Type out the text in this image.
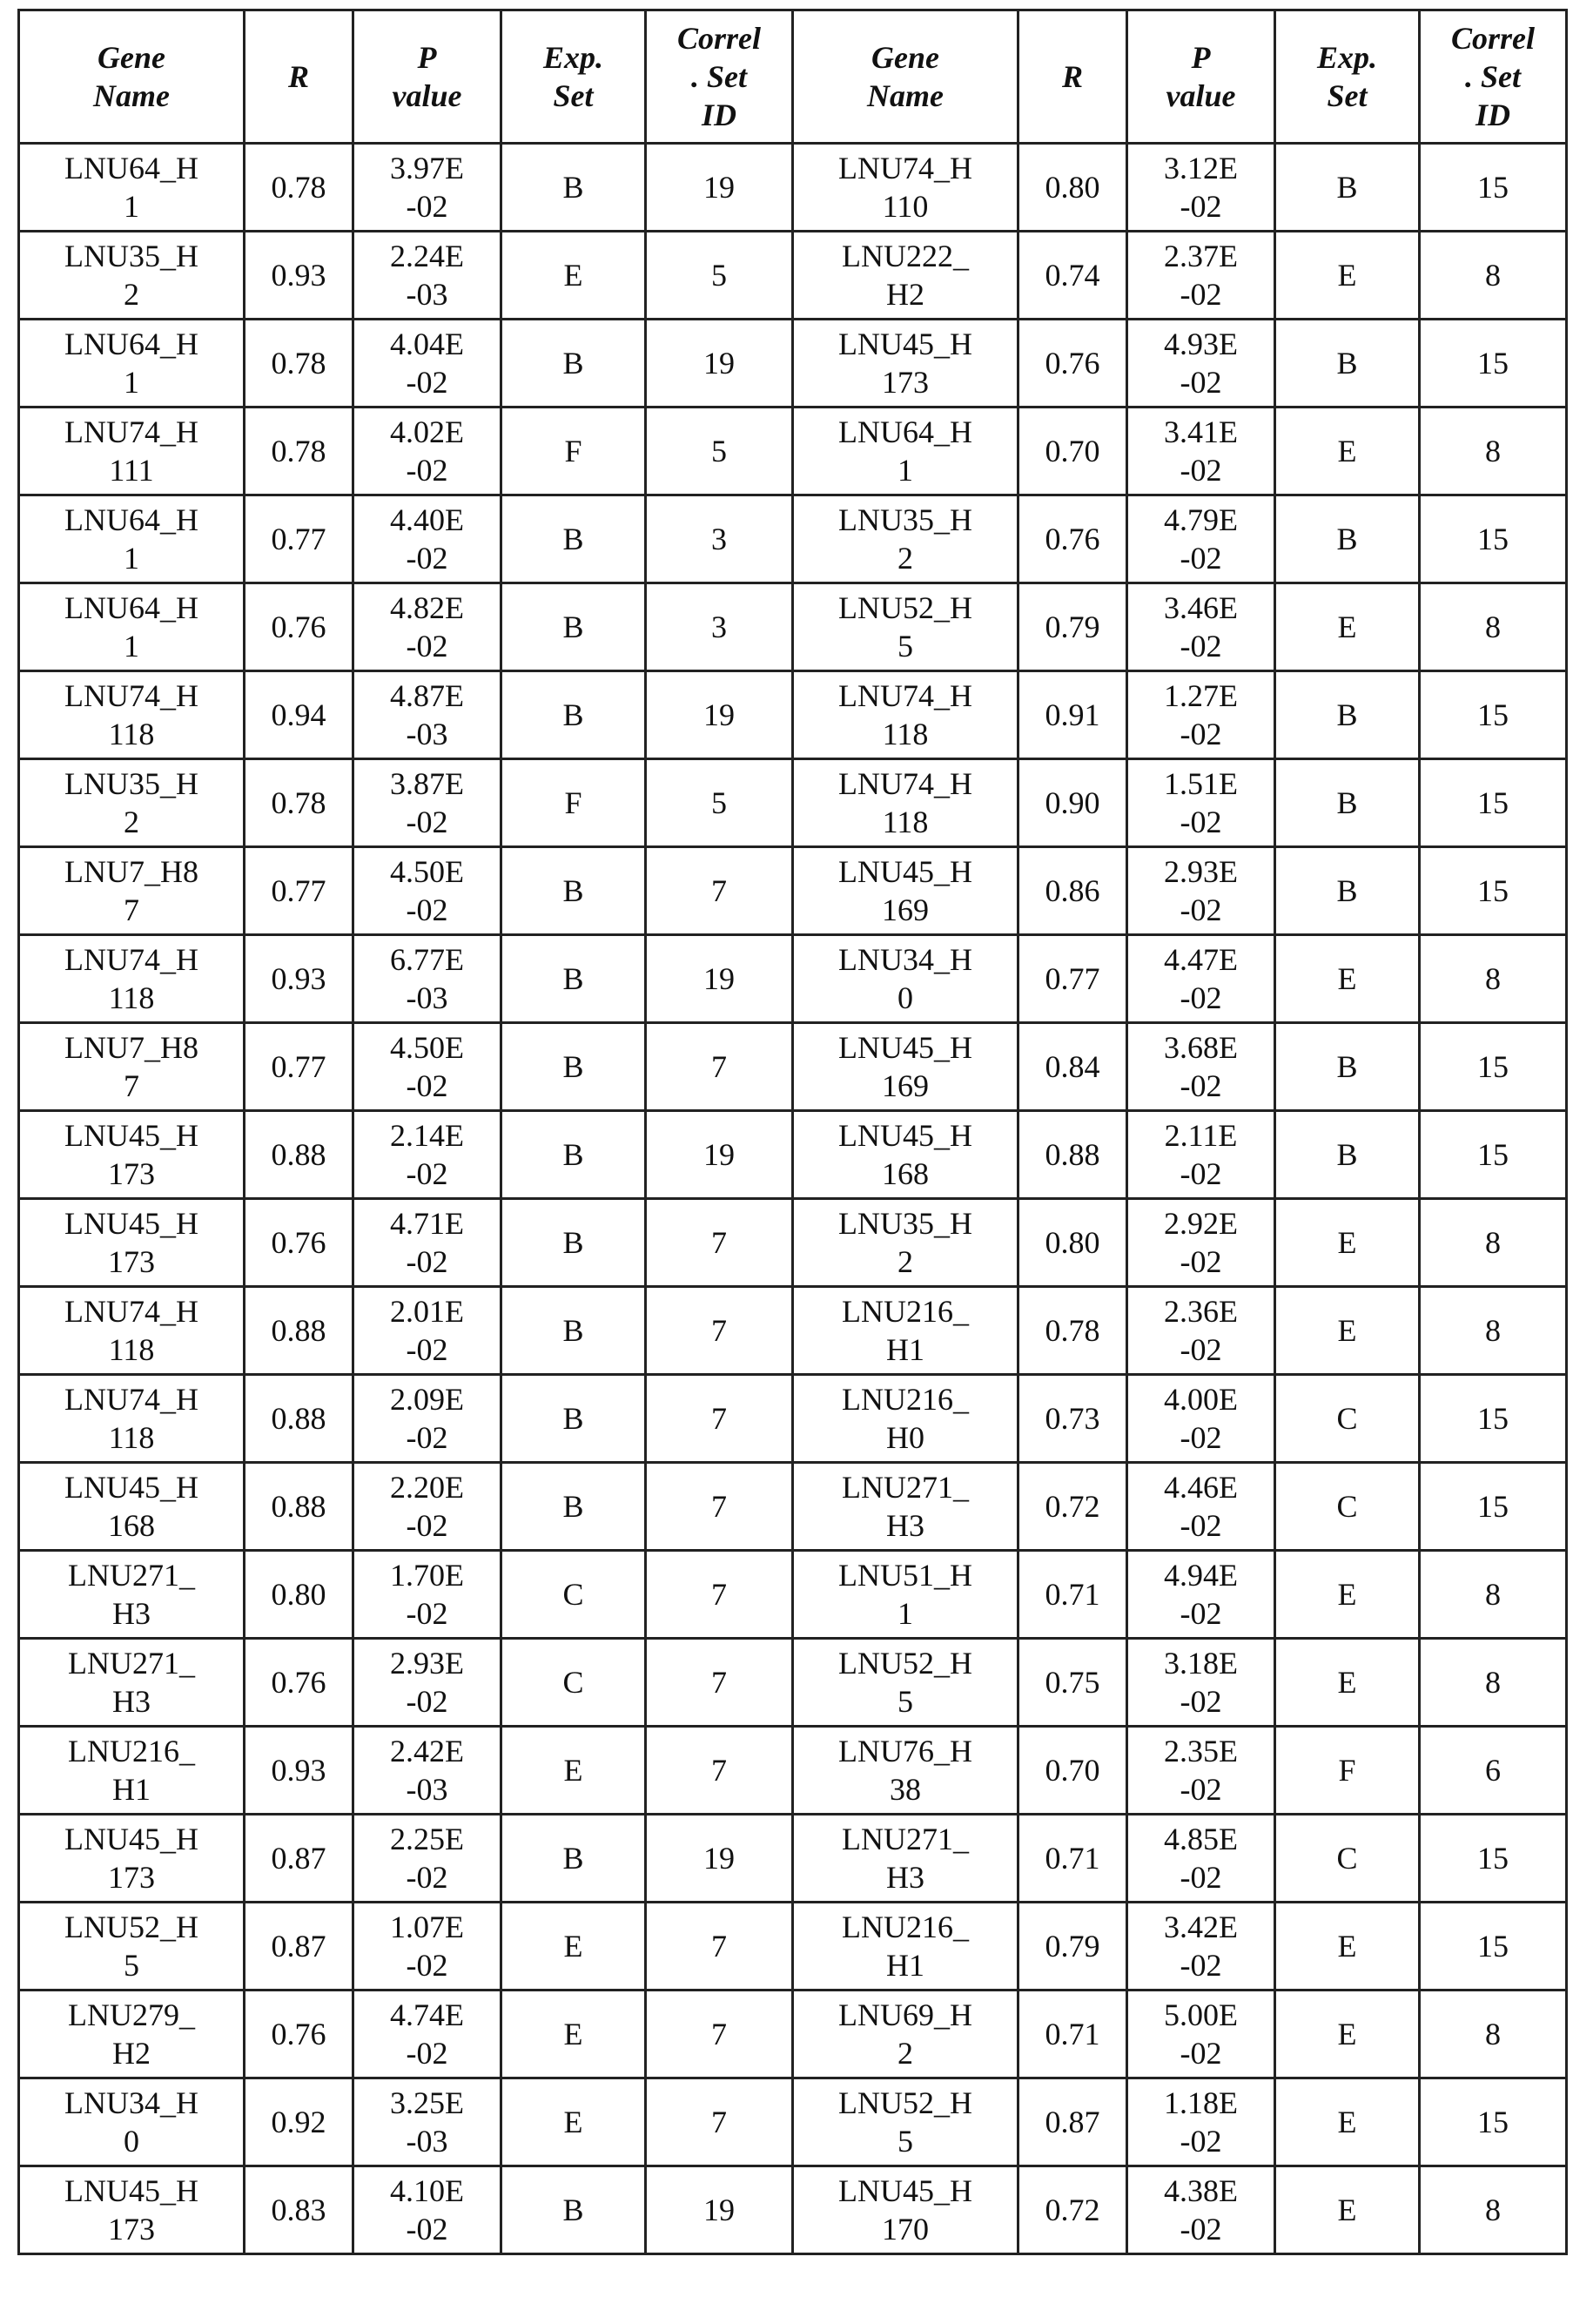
Gene
Name	R	P
value	Exp.
Set	Correl
. Set
ID	Gene
Name	R	P
value	Exp.
Set	Correl
. Set
ID
LNU64_H1	0.78	3.97E-02	B	19	LNU74_H110	0.80	3.12E-02	B	15
LNU35_H2	0.93	2.24E-03	E	5	LNU222_H2	0.74	2.37E-02	E	8
LNU64_H1	0.78	4.04E-02	B	19	LNU45_H173	0.76	4.93E-02	B	15
LNU74_H111	0.78	4.02E-02	F	5	LNU64_H1	0.70	3.41E-02	E	8
LNU64_H1	0.77	4.40E-02	B	3	LNU35_H2	0.76	4.79E-02	B	15
LNU64_H1	0.76	4.82E-02	B	3	LNU52_H5	0.79	3.46E-02	E	8
LNU74_H118	0.94	4.87E-03	B	19	LNU74_H118	0.91	1.27E-02	B	15
LNU35_H2	0.78	3.87E-02	F	5	LNU74_H118	0.90	1.51E-02	B	15
LNU7_H87	0.77	4.50E-02	B	7	LNU45_H169	0.86	2.93E-02	B	15
LNU74_H118	0.93	6.77E-03	B	19	LNU34_H0	0.77	4.47E-02	E	8
LNU7_H87	0.77	4.50E-02	B	7	LNU45_H169	0.84	3.68E-02	B	15
LNU45_H173	0.88	2.14E-02	B	19	LNU45_H168	0.88	2.11E-02	B	15
LNU45_H173	0.76	4.71E-02	B	7	LNU35_H2	0.80	2.92E-02	E	8
LNU74_H118	0.88	2.01E-02	B	7	LNU216_H1	0.78	2.36E-02	E	8
LNU74_H118	0.88	2.09E-02	B	7	LNU216_H0	0.73	4.00E-02	C	15
LNU45_H168	0.88	2.20E-02	B	7	LNU271_H3	0.72	4.46E-02	C	15
LNU271_H3	0.80	1.70E-02	C	7	LNU51_H1	0.71	4.94E-02	E	8
LNU271_H3	0.76	2.93E-02	C	7	LNU52_H5	0.75	3.18E-02	E	8
LNU216_H1	0.93	2.42E-03	E	7	LNU76_H38	0.70	2.35E-02	F	6
LNU45_H173	0.87	2.25E-02	B	19	LNU271_H3	0.71	4.85E-02	C	15
LNU52_H5	0.87	1.07E-02	E	7	LNU216_H1	0.79	3.42E-02	E	15
LNU279_H2	0.76	4.74E-02	E	7	LNU69_H2	0.71	5.00E-02	E	8
LNU34_H0	0.92	3.25E-03	E	7	LNU52_H5	0.87	1.18E-02	E	15
LNU45_H173	0.83	4.10E-02	B	19	LNU45_H170	0.72	4.38E-02	E	8
